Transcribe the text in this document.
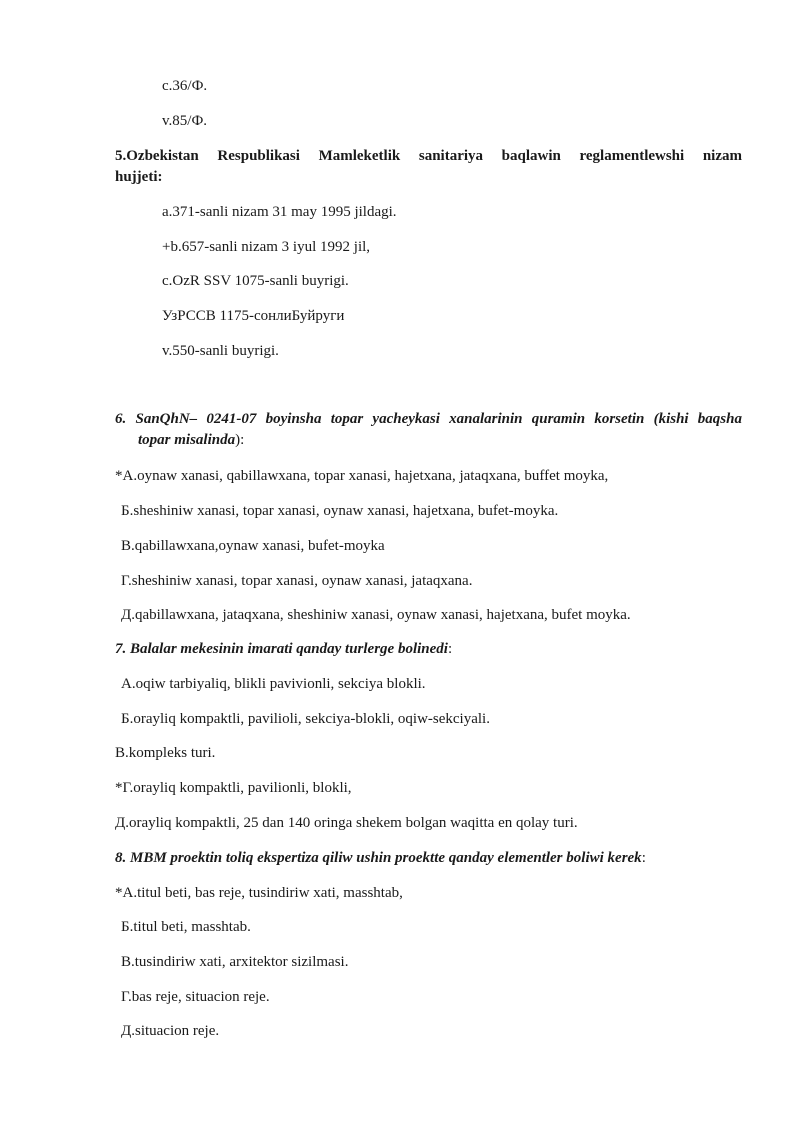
c.36/Ф.
v.85/Ф.
5.Ozbekistan Respublikasi Mamleketlik sanitariya baqlawin reglamentlewshi nizam
hujjeti:
a.371-sanli nizam 31 may 1995 jildagi.
+b.657-sanli nizam 3 iyul 1992 jil,
c.OzR SSV 1075-sanli buyrigi.
УзРССВ 1175-сонлиБуйруги
v.550-sanli buyrigi.
6. SanQhN– 0241-07 boyinsha topar yacheykasi xanalarinin quramin korsetin (kishi baqsha
topar misalinda):
*A.oynaw xanasi, qabillawxana, topar xanasi, hajetxana, jataqxana, buffet moyka,
Б.sheshiniw xanasi, topar xanasi, oynaw xanasi, hajetxana, bufet-moyka.
B.qabillawxana,oynaw xanasi, bufet-moyka
Г.sheshiniw xanasi, topar xanasi, oynaw xanasi, jataqxana.
Д.qabillawxana, jataqxana, sheshiniw xanasi, oynaw xanasi, hajetxana, bufet moyka.
7. Balalar mekesinin imarati qanday turlerge bolinedi:
A.oqiw tarbiyaliq, blikli pavivionli, sekciya blokli.
Б.orayliq kompaktli, pavilioli, sekciya-blokli, oqiw-sekciyali.
B.kompleks turi.
*Г.orayliq kompaktli, pavilionli, blokli,
Д.orayliq kompaktli, 25 dan 140 oringa shekem bolgan waqitta en qolay turi.
8. MBM proektin toliq ekspertiza qiliw ushin proektte qanday elementler boliwi kerek:
*A.titul beti, bas reje, tusindiriw xati, masshtab,
Б.titul beti, masshtab.
B.tusindiriw xati, arxitektor sizilmasi.
Г.bas reje, situacion reje.
Д.situacion reje.
